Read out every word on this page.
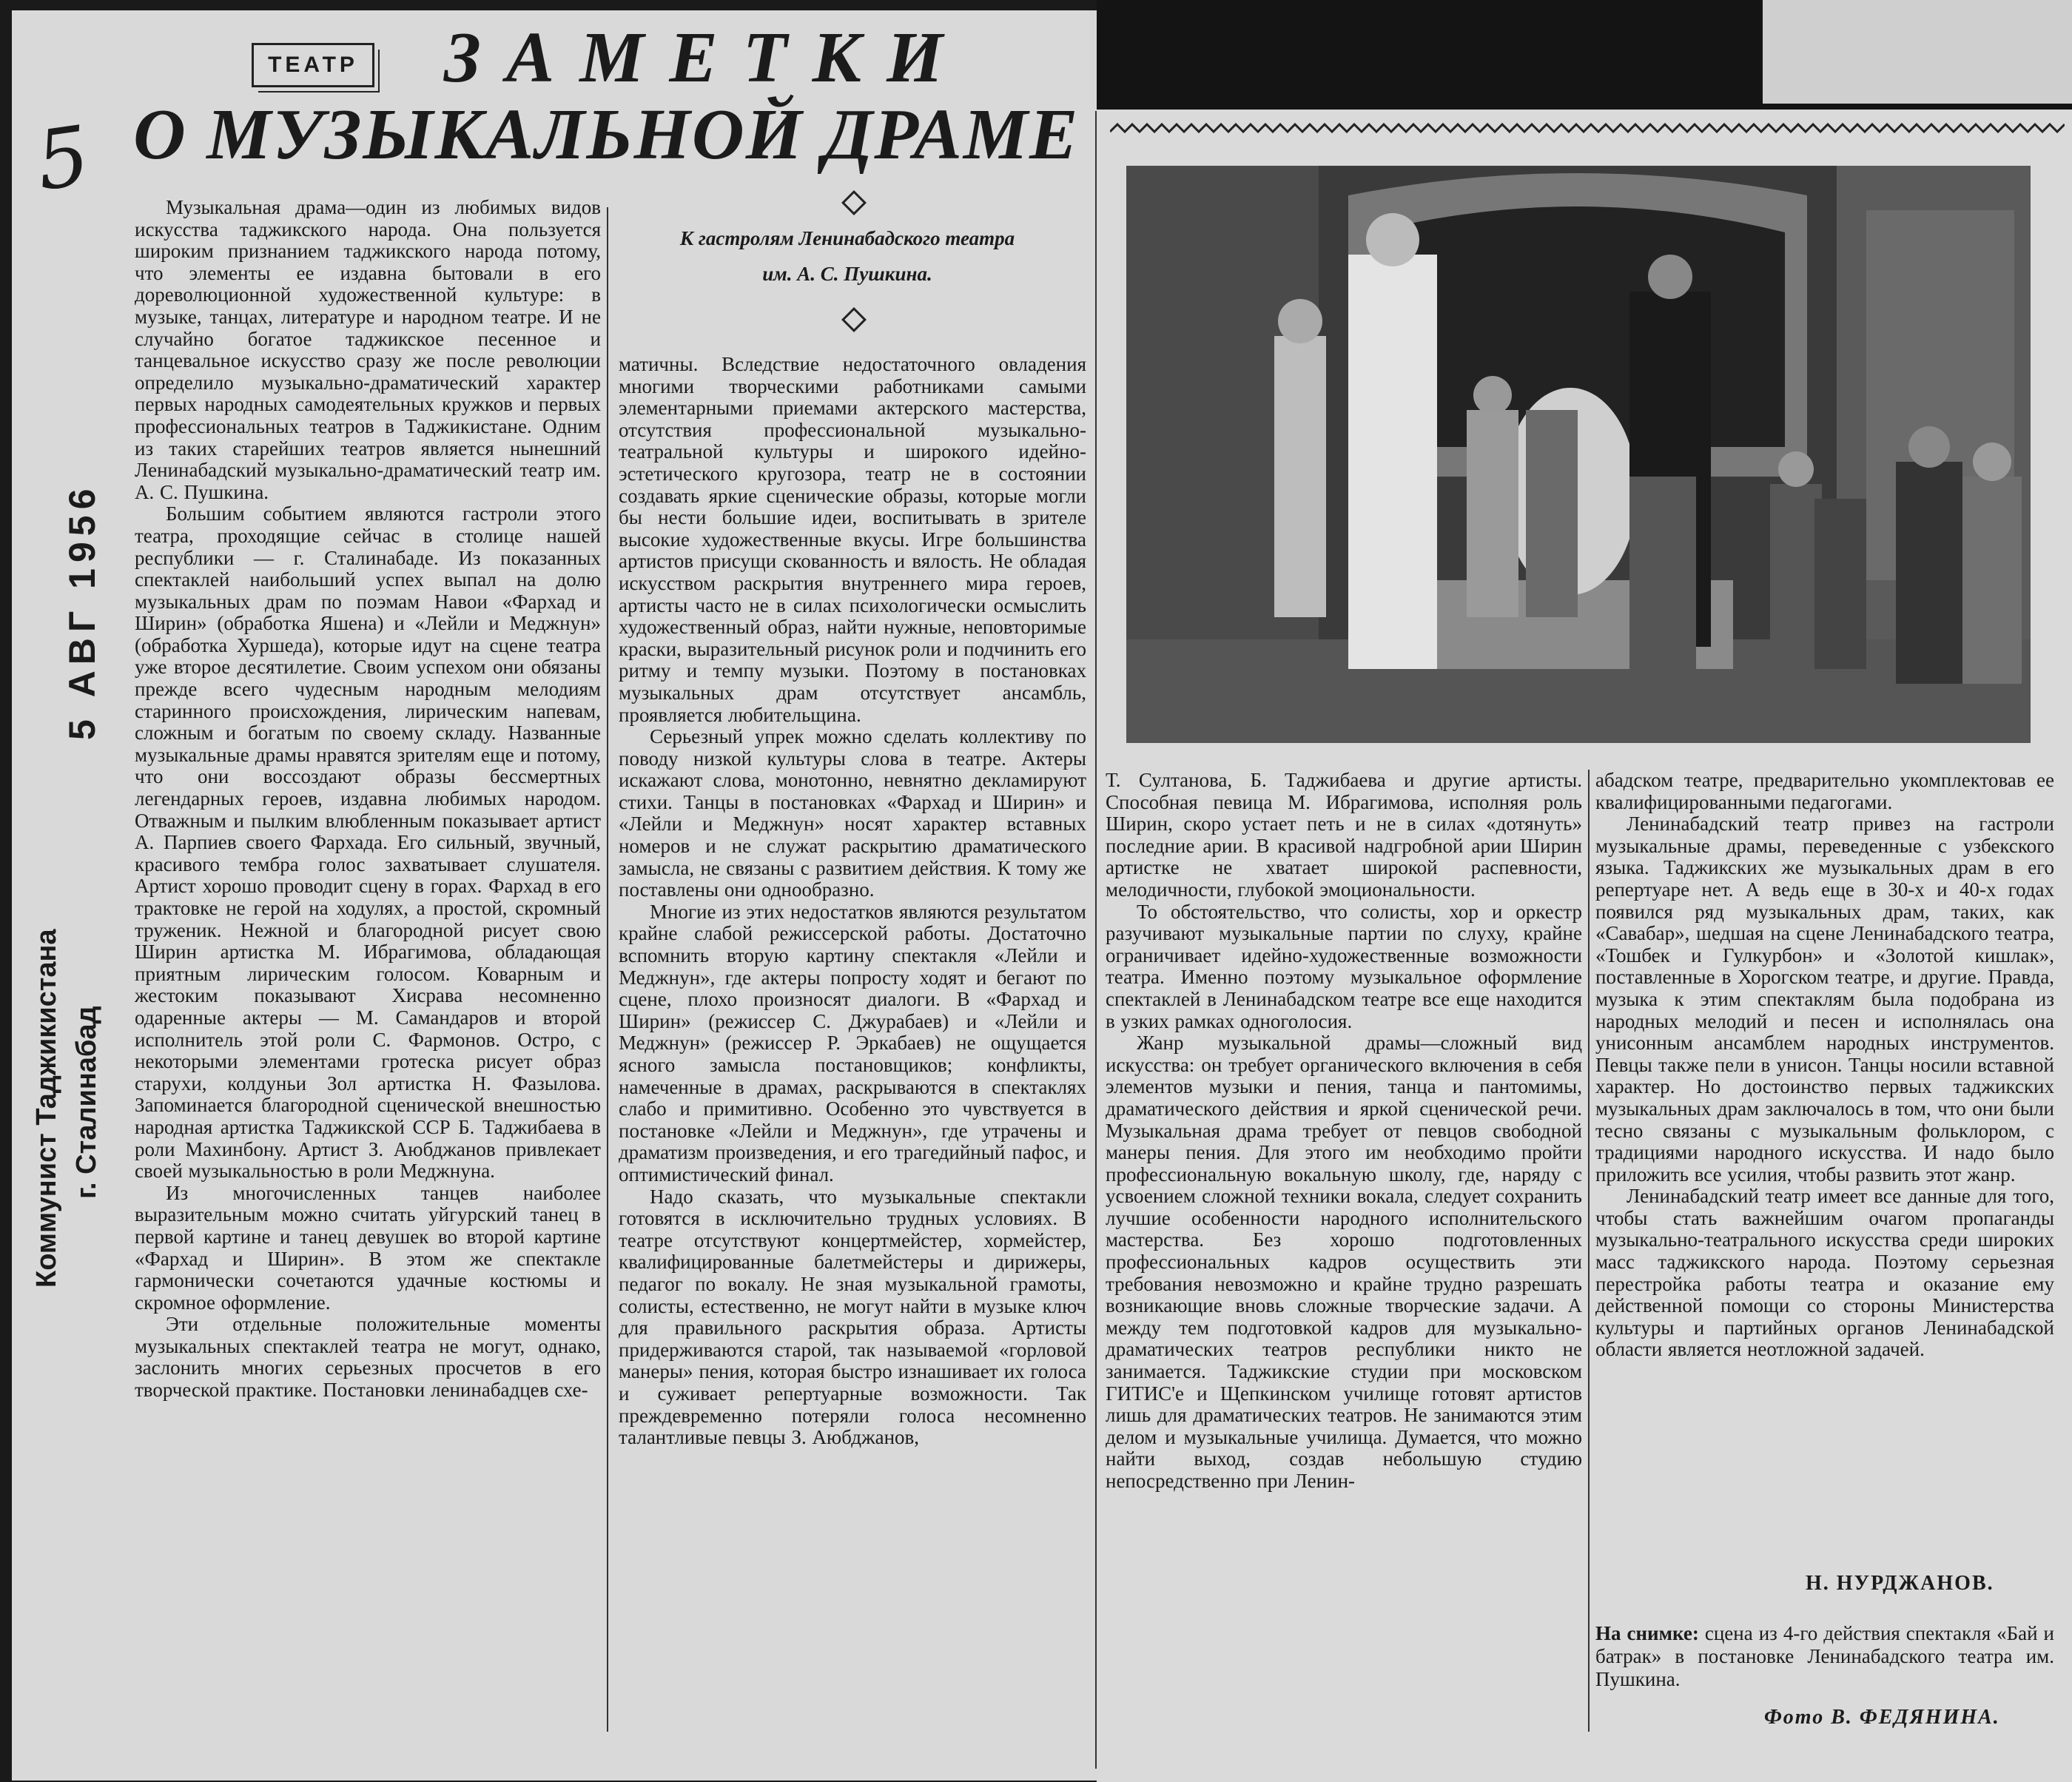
5
ТЕАТР ЗАМЕТКИ
О МУЗЫКАЛЬНОЙ ДРАМЕ
К гастролям Ленинабадского театра
им. А. С. Пушкина.
5 АВГ 1956
Коммунист Таджикистана г. Сталинабад

Музыкальная драма—один из любимых видов искусства таджикского народа. Она пользуется широким признанием таджикского народа потому, что элементы ее издавна бытовали в его дореволюционной художественной культуре: в музыке, танцах, литературе и народном театре. И не случайно богатое таджикское песенное и танцевальное искусство сразу же после революции определило музыкально-драматический характер первых народных самодеятельных кружков и первых профессиональных театров в Таджикистане. Одним из таких старейших театров является нынешний Ленинабадский музыкально-драматический театр им. А. С. Пушкина.

Большим событием являются гастроли этого театра, проходящие сейчас в столице нашей республики — г. Сталинабаде. Из показанных спектаклей наибольший успех выпал на долю музыкальных драм по поэмам Навои «Фархад и Ширин» (обработка Яшена) и «Лейли и Меджнун» (обработка Хуршеда), которые идут на сцене театра уже второе десятилетие. Своим успехом они обязаны прежде всего чудесным народным мелодиям старинного происхождения, лирическим напевам, сложным и богатым по своему складу. Названные музыкальные драмы нравятся зрителям еще и потому, что они воссоздают образы бессмертных легендарных героев, издавна любимых народом. Отважным и пылким влюбленным показывает артист А. Парпиев своего Фархада. Его сильный, звучный, красивого тембра голос захватывает слушателя. Артист хорошо проводит сцену в горах. Фархад в его трактовке не герой на ходулях, а простой, скромный труженик. Нежной и благородной рисует свою Ширин артистка М. Ибрагимова, обладающая приятным лирическим голосом. Коварным и жестоким показывают Хисрава несомненно одаренные актеры — М. Самандаров и второй исполнитель этой роли С. Фармонов. Остро, с некоторыми элементами гротеска рисует образ старухи, колдуньи Зол артистка Н. Фазылова. Запоминается благородной сценической внешностью народная артистка Таджикской ССР Б. Таджибаева в роли Махинбону. Артист З. Аюбджанов привлекает своей музыкальностью в роли Меджнуна.

Из многочисленных танцев наиболее выразительным можно считать уйгурский танец в первой картине и танец девушек во второй картине «Фархад и Ширин». В этом же спектакле гармонически сочетаются удачные костюмы и скромное оформление.

Эти отдельные положительные моменты музыкальных спектаклей театра не могут, однако, заслонить многих серьезных просчетов в его творческой практике. Постановки ленинабадцев схе-

матичны. Вследствие недостаточного овладения многими творческими работниками самыми элементарными приемами актерского мастерства, отсутствия профессиональной музыкально-театральной культуры и широкого идейно-эстетического кругозора, театр не в состоянии создавать яркие сценические образы, которые могли бы нести большие идеи, воспитывать в зрителе высокие художественные вкусы. Игре большинства артистов присущи скованность и вялость. Не обладая искусством раскрытия внутреннего мира героев, артисты часто не в силах психологически осмыслить художественный образ, найти нужные, неповторимые краски, выразительный рисунок роли и подчинить его ритму и темпу музыки. Поэтому в постановках музыкальных драм отсутствует ансамбль, проявляется любительщина.

Серьезный упрек можно сделать коллективу по поводу низкой культуры слова в театре. Актеры искажают слова, монотонно, невнятно декламируют стихи. Танцы в постановках «Фархад и Ширин» и «Лейли и Меджнун» носят характер вставных номеров и не служат раскрытию драматического замысла, не связаны с развитием действия. К тому же поставлены они однообразно.

Многие из этих недостатков являются результатом крайне слабой режиссерской работы. Достаточно вспомнить вторую картину спектакля «Лейли и Меджнун», где актеры попросту ходят и бегают по сцене, плохо произносят диалоги. В «Фархад и Ширин» (режиссер С. Джурабаев) и «Лейли и Меджнун» (режиссер Р. Эркабаев) не ощущается ясного замысла постановщиков; конфликты, намеченные в драмах, раскрываются в спектаклях слабо и примитивно. Особенно это чувствуется в постановке «Лейли и Меджнун», где утрачены и драматизм произведения, и его трагедийный пафос, и оптимистический финал.

Надо сказать, что музыкальные спектакли готовятся в исключительно трудных условиях. В театре отсутствуют концертмейстер, хормейстер, квалифицированные балетмейстеры и дирижеры, педагог по вокалу. Не зная музыкальной грамоты, солисты, естественно, не могут найти в музыке ключ для правильного раскрытия образа. Артисты придерживаются старой, так называемой «горловой манеры» пения, которая быстро изнашивает их голоса и суживает репертуарные возможности. Так преждевременно потеряли голоса несомненно талантливые певцы З. Аюбджанов,

Т. Султанова, Б. Таджибаева и другие артисты. Способная певица М. Ибрагимова, исполняя роль Ширин, скоро устает петь и не в силах «дотянуть» последние арии. В красивой надгробной арии Ширин артистке не хватает широкой распевности, мелодичности, глубокой эмоциональности.

То обстоятельство, что солисты, хор и оркестр разучивают музыкальные партии по слуху, крайне ограничивает идейно-художественные возможности театра. Именно поэтому музыкальное оформление спектаклей в Ленинабадском театре все еще находится в узких рамках одноголосия.

Жанр музыкальной драмы—сложный вид искусства: он требует органического включения в себя элементов музыки и пения, танца и пантомимы, драматического действия и яркой сценической речи. Музыкальная драма требует от певцов свободной манеры пения. Для этого им необходимо пройти профессиональную вокальную школу, где, наряду с усвоением сложной техники вокала, следует сохранить лучшие особенности народного исполнительского мастерства. Без хорошо подготовленных профессиональных кадров осуществить эти требования невозможно и крайне трудно разрешать возникающие вновь сложные творческие задачи. А между тем подготовкой кадров для музыкально-драматических театров республики никто не занимается. Таджикские студии при московском ГИТИС'е и Щепкинском училище готовят артистов лишь для драматических театров. Не занимаются этим делом и музыкальные училища. Думается, что можно найти выход, создав небольшую студию непосредственно при Ленин-

абадском театре, предварительно укомплектовав ее квалифицированными педагогами.

Ленинабадский театр привез на гастроли музыкальные драмы, переведенные с узбекского языка. Таджикских же музыкальных драм в его репертуаре нет. А ведь еще в 30-х и 40-х годах появился ряд музыкальных драм, таких, как «Савабар», шедшая на сцене Ленинабадского театра, «Тошбек и Гулкурбон» и «Золотой кишлак», поставленные в Хорогском театре, и другие. Правда, музыка к этим спектаклям была подобрана из народных мелодий и песен и исполнялась она унисонным ансамблем народных инструментов. Певцы также пели в унисон. Танцы носили вставной характер. Но достоинство первых таджикских музыкальных драм заключалось в том, что они были тесно связаны с музыкальным фольклором, с традициями народного искусства. И надо было приложить все усилия, чтобы развить этот жанр.

Ленинабадский театр имеет все данные для того, чтобы стать важнейшим очагом пропаганды музыкально-театрального искусства среди широких масс таджикского народа. Поэтому серьезная перестройка работы театра и оказание ему действенной помощи со стороны Министерства культуры и партийных органов Ленинабадской области является неотложной задачей.

Н. НУРДЖАНОВ.
На снимке: сцена из 4-го действия спектакля «Бай и батрак» в постановке Ленинабадского театра им. Пушкина.
Фото В. ФЕДЯНИНА.
